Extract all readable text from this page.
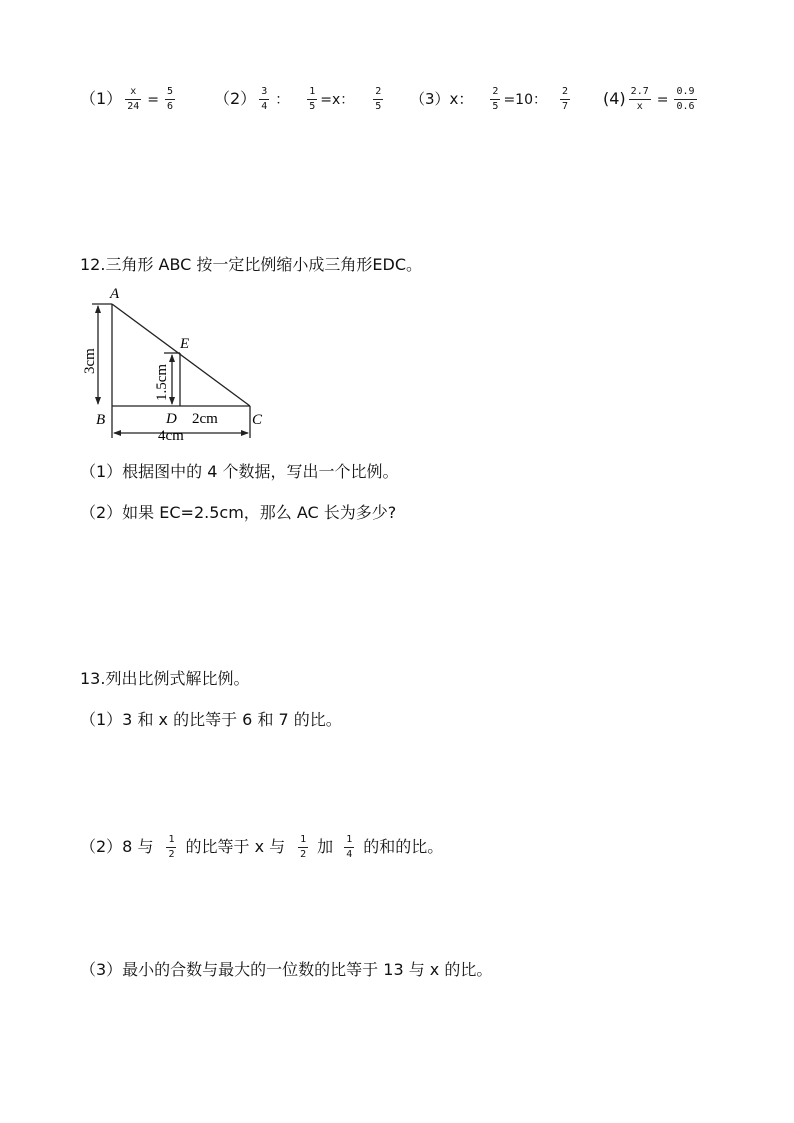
$(1) \frac{x}{24} = \frac{5}{6} (2) \frac{3}{4}$ ： $\frac{1}{5} =x$： $\frac{2}{5} (3)x$： $\frac{2}{5} =10$： $\frac{2}{7} (4) \frac{2.7}{x} = \frac{0.9}{0.6}$
12.三角形 ABC 按一定比例缩小成三角形EDC。
A
B	C
D
E
2cm
4cm
3cm
1.5cm
（1）根据图中的 4 个数据，写出一个比例。
（2）如果 EC=2.5cm，那么 AC 长为多少?
13.列出比例式解比例。
（1）3 和 x 的比等于 6 和 7 的比。
（2）8 与 $\frac{1}{2}$ 的比等于 x 与 $\frac{1}{2}$ 加 $\frac{1}{4}$ 的和的比。
（3）最小的合数与最大的一位数的比等于 13 与 x 的比。
